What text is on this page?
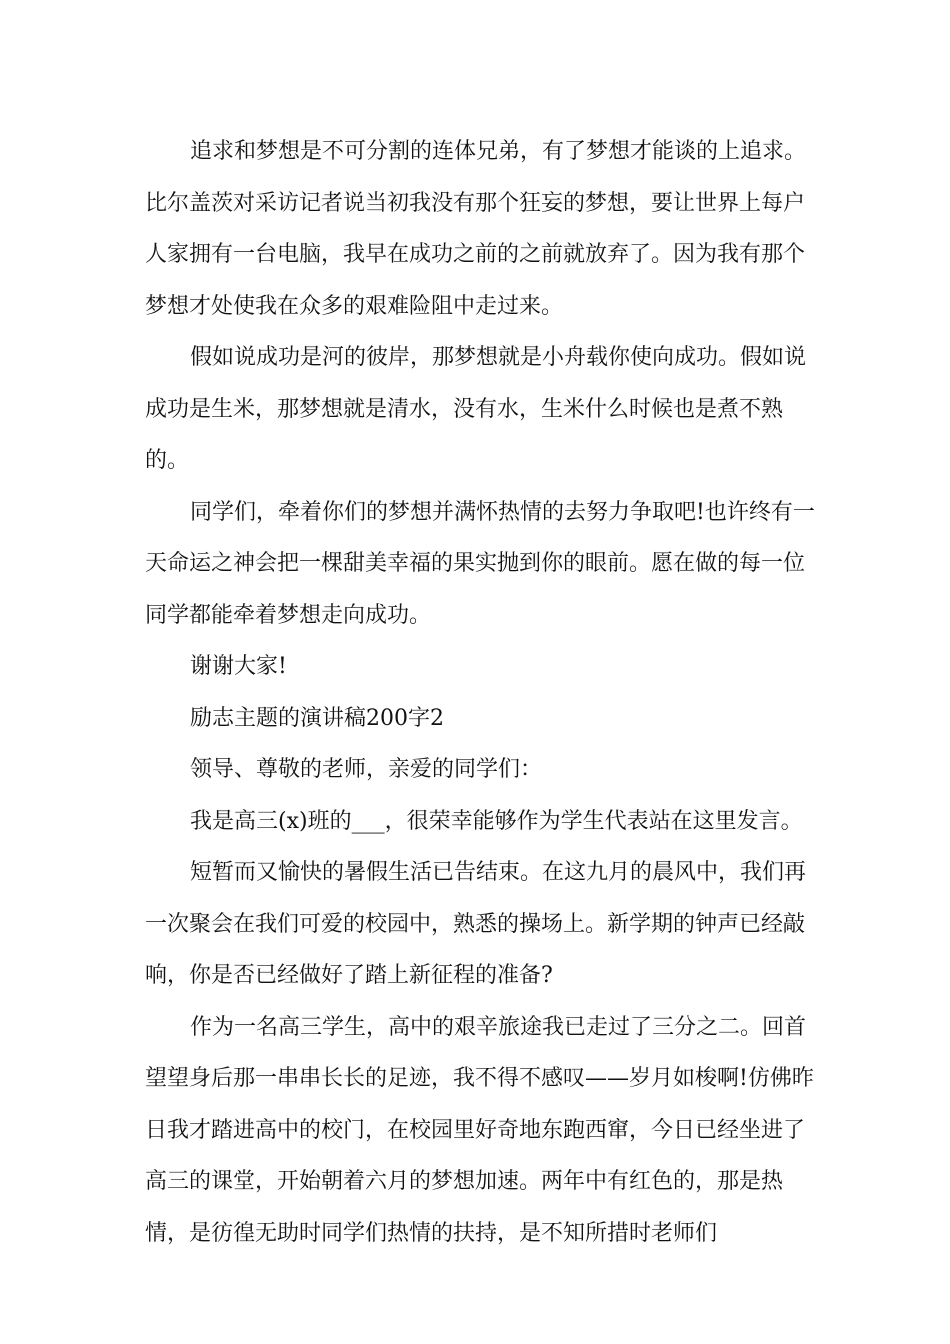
追求和梦想是不可分割的连体兄弟，有了梦想才能谈的上追求。比尔盖茨对采访记者说当初我没有那个狂妄的梦想，要让世界上每户人家拥有一台电脑，我早在成功之前的之前就放弃了。因为我有那个梦想才处使我在众多的艰难险阻中走过来。

假如说成功是河的彼岸，那梦想就是小舟载你使向成功。假如说成功是生米，那梦想就是清水，没有水，生米什么时候也是煮不熟的。

同学们，牵着你们的梦想并满怀热情的去努力争取吧!也许终有一天命运之神会把一棵甜美幸福的果实抛到你的眼前。愿在做的每一位同学都能牵着梦想走向成功。

谢谢大家!

励志主题的演讲稿200字2

领导、尊敬的老师，亲爱的同学们：

我是高三(x)班的___，很荣幸能够作为学生代表站在这里发言。

短暂而又愉快的暑假生活已告结束。在这九月的晨风中，我们再一次聚会在我们可爱的校园中，熟悉的操场上。新学期的钟声已经敲响，你是否已经做好了踏上新征程的准备?

作为一名高三学生，高中的艰辛旅途我已走过了三分之二。回首望望身后那一串串长长的足迹，我不得不感叹——岁月如梭啊!仿佛昨日我才踏进高中的校门，在校园里好奇地东跑西窜，今日已经坐进了高三的课堂，开始朝着六月的梦想加速。两年中有红色的，那是热情，是彷徨无助时同学们热情的扶持，是不知所措时老师们
